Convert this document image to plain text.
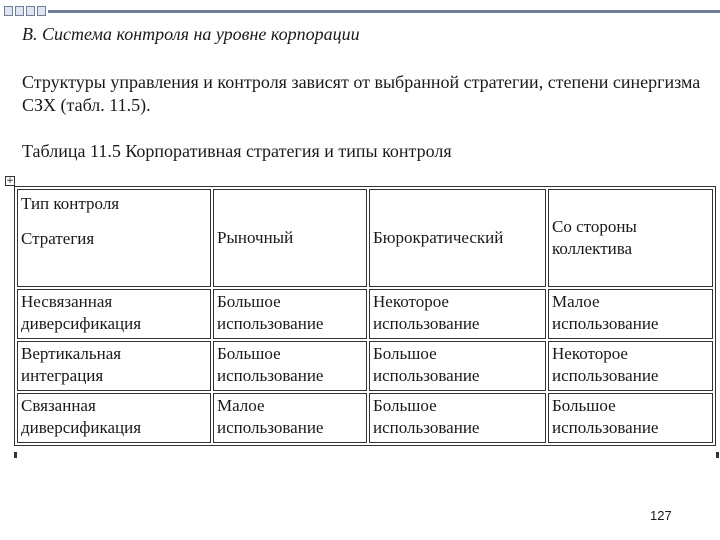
В. Система контроля на уровне корпорации
Структуры управления и контроля зависят от выбранной стратегии, степени синергизма СЗХ (табл. 11.5).
Таблица 11.5 Корпоративная стратегия и типы контроля
+
Тип контроля
Стратегия	Рыночный	Бюрократический	Со стороны коллектива
Несвязанная диверсификация	Большое использование	Некоторое использование	Малое использование
Вертикальная интеграция	Большое использование	Большое использование	Некоторое использование
Связанная диверсификация	Малое использование	Большое использование	Большое использование
127
